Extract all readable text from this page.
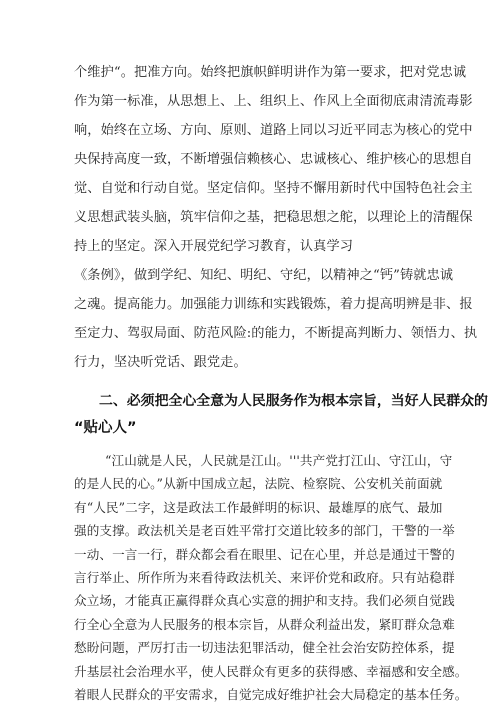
个维护“。把准方向。始终把旗帜鲜明讲作为第一要求，把对党忠诚
作为第一标准，从思想上、上、组织上、作风上全面彻底肃清流毒影
响，始终在立场、方向、原则、道路上同以习近平同志为核心的党中
央保持高度一致，不断增强信赖核心、忠诚核心、维护核心的思想自
觉、自觉和行动自觉。坚定信仰。坚持不懈用新时代中国特色社会主
义思想武装头脑，筑牢信仰之基，把稳思想之舵，以理论上的清醒保
持上的坚定。深入开展党纪学习教育，认真学习
《条例》，做到学纪、知纪、明纪、守纪，以精神之“钙”铸就忠诚
之魂。提高能力。加强能力训练和实践锻炼，着力提高明辨是非、报
至定力、驾驭局面、防范风险:的能力，不断提高判断力、领悟力、执
行力，坚决听党话、跟党走。
二、必须把全心全意为人民服务作为根本宗旨，当好人民群众的
“贴心人”
“江山就是人民，人民就是江山。'''共产党打江山、守江山，守
的是人民的心。”从新中国成立起，法院、检察院、公安机关前面就
有“人民”二字，这是政法工作最鲜明的标识、最雄厚的底气、最加
强的支撑。政法机关是老百姓平常打交道比较多的部门，干警的一举
一动、一言一行，群众都会看在眼里、记在心里，并总是通过干警的
言行举止、所作所为来看待政法机关、来评价党和政府。只有站稳群
众立场，才能真正赢得群众真心实意的拥护和支持。我们必须自觉践
行全心全意为人民服务的根本宗旨，从群众利益出发，紧盯群众急难
愁盼问题，严厉打击一切违法犯罪活动，健全社会治安防控体系，提
升基层社会治理水平，使人民群众有更多的获得感、幸福感和安全感。
着眼人民群众的平安需求，自觉完成好维护社会大局稳定的基本任务。
